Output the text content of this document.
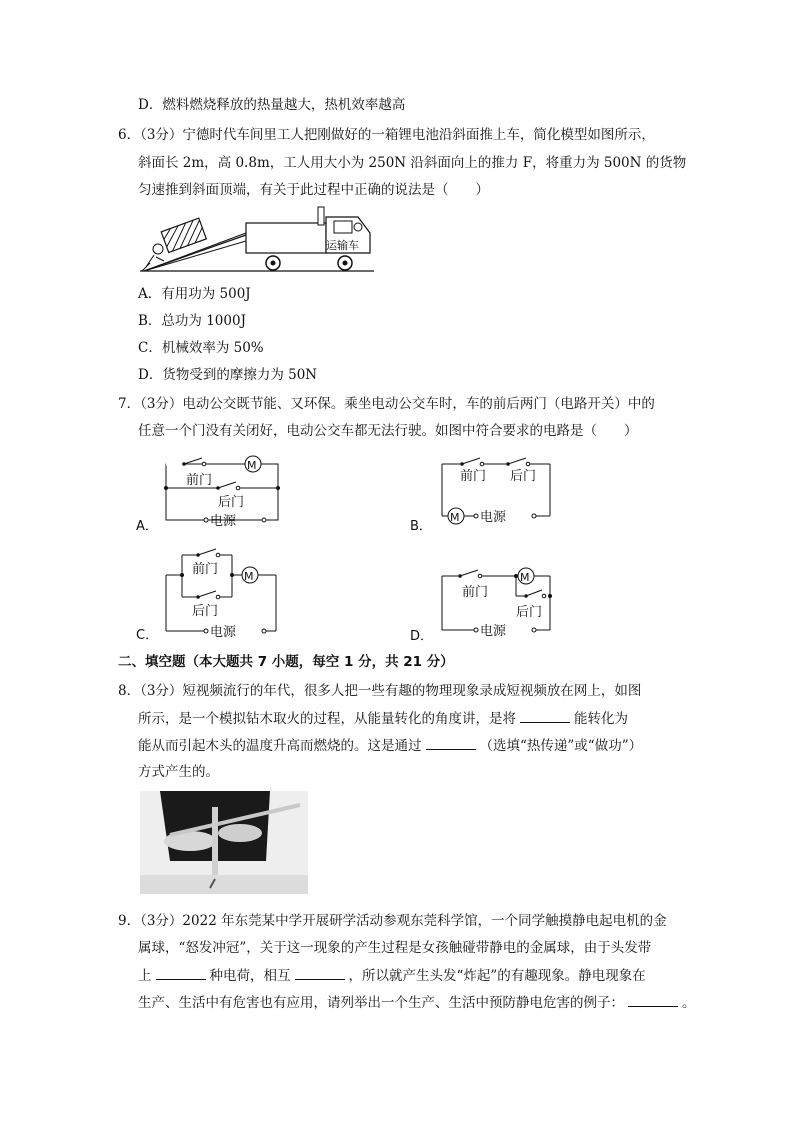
D．燃料燃烧释放的热量越大，热机效率越高
6．（3分）宁德时代车间里工人把刚做好的一箱锂电池沿斜面推上车，简化模型如图所示，
斜面长 2m，高 0.8m，工人用大小为 250N 沿斜面向上的推力 F，将重力为 500N 的货物
匀速推到斜面顶端，有关于此过程中正确的说法是（　　）
运输车
A．有用功为 500J
B．总功为 1000J
C．机械效率为 50%
D．货物受到的摩擦力为 50N
7．（3分）电动公交既节能、又环保。乘坐电动公交车时，车的前后两门（电路开关）中的
任意一个门没有关闭好，电动公交车都无法行驶。如图中符合要求的电路是（　　）
A．
M
前门
后门
电源	B．
前门 后门
M 电源
C．
前门
后门
M
电源	D．
M
前门
后门
电源
二、填空题（本大题共 7 小题，每空 1 分，共 21 分）
8．（3分）短视频流行的年代，很多人把一些有趣的物理现象录成短视频放在网上，如图
所示，是一个模拟钻木取火的过程，从能量转化的角度讲，是将	能转化为
能从而引起木头的温度升高而燃烧的。这是通过	（选填“热传递”或“做功”）
方式产生的。
9．（3分）2022 年东莞某中学开展研学活动参观东莞科学馆，一个同学触摸静电起电机的金
属球，“怒发冲冠”，关于这一现象的产生过程是女孩触碰带静电的金属球，由于头发带
上	种电荷，相互	，所以就产生头发“炸起”的有趣现象。静电现象在
生产、生活中有危害也有应用，请列举出一个生产、生活中预防静电危害的例子：	。
